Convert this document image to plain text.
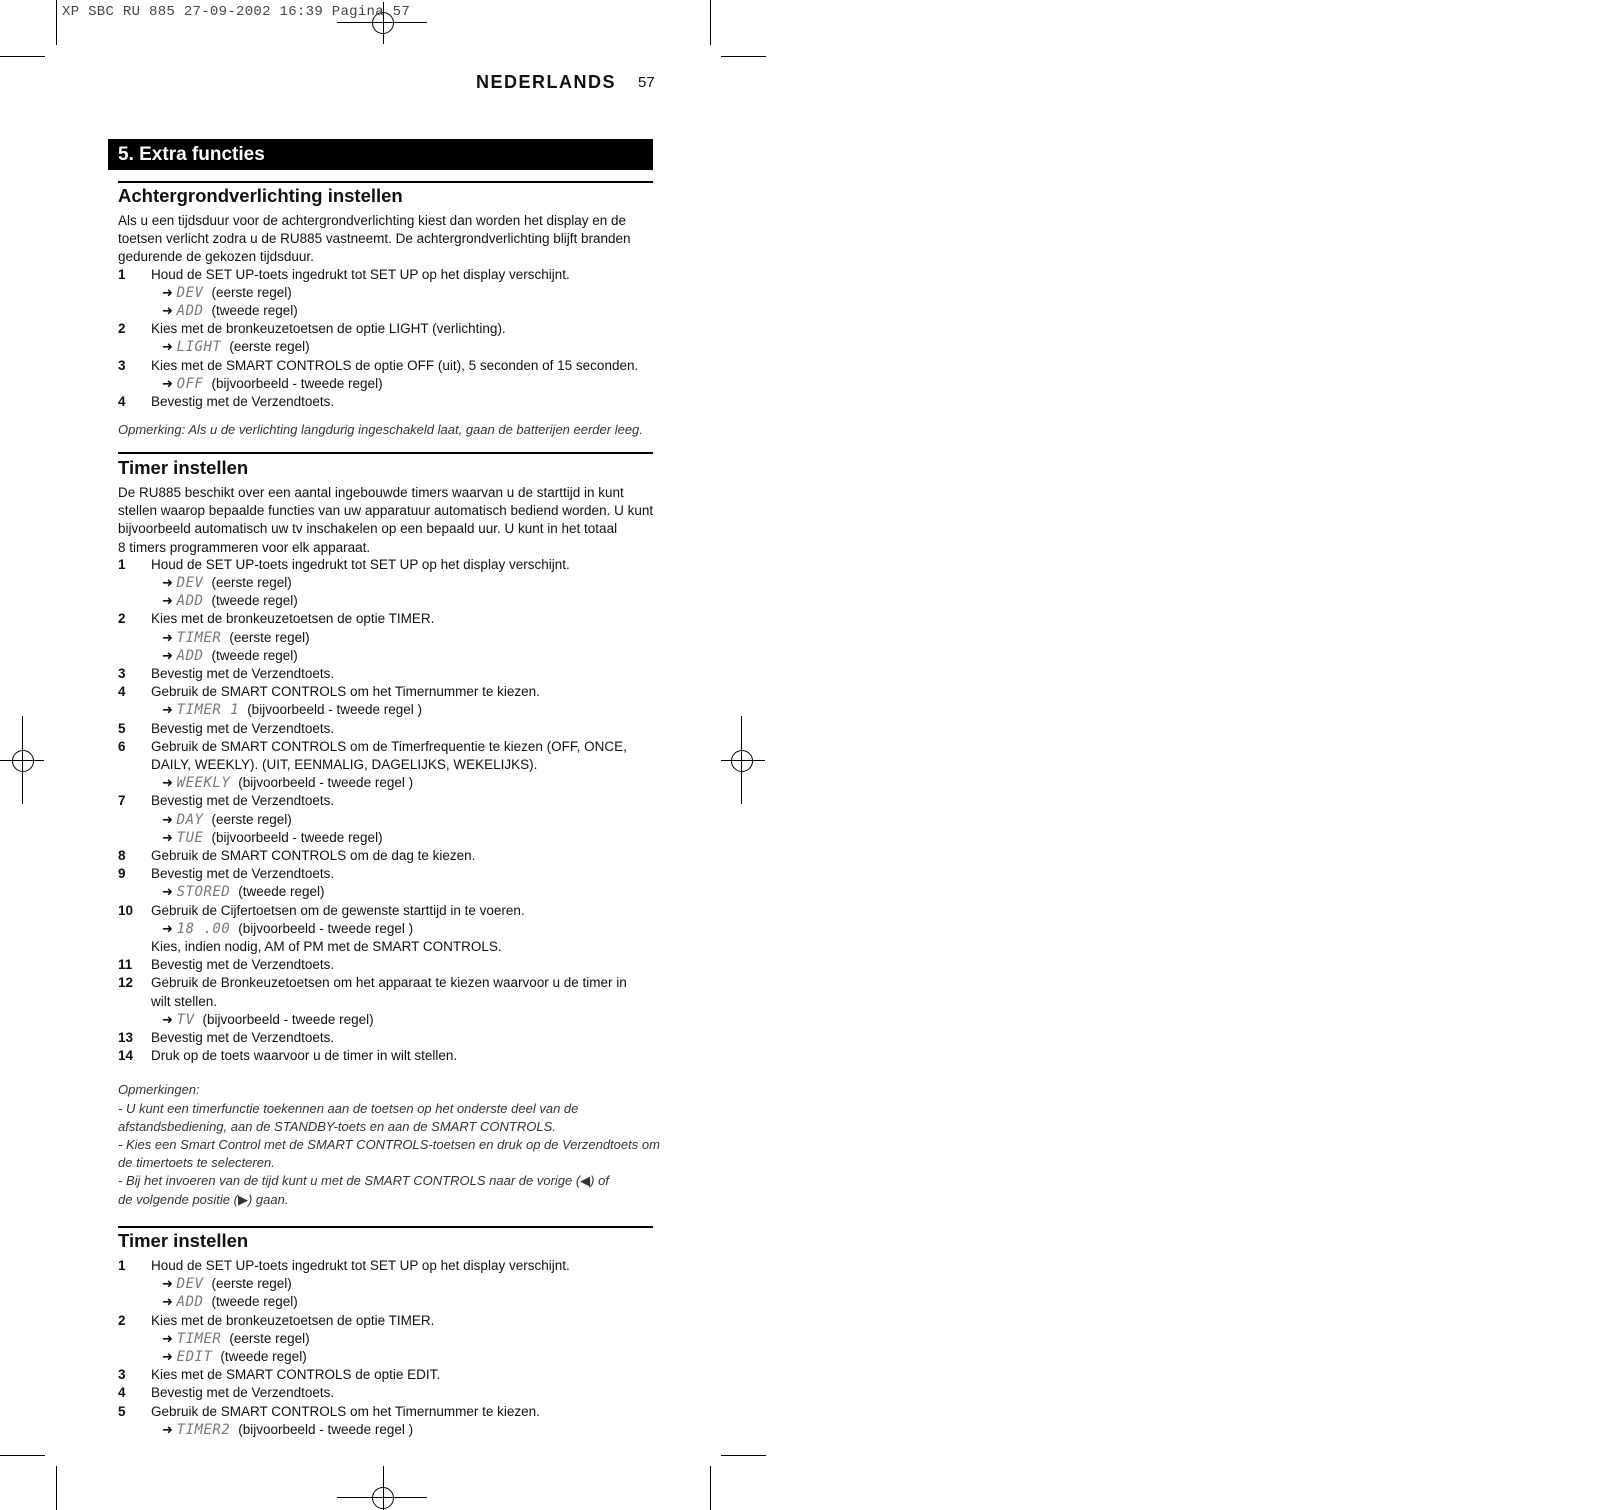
XP SBC RU 885 27-09-2002 16:39 Pagina 57
NEDERLANDS 57
5. Extra functies
Achtergrondverlichting instellen
Als u een tijdsduur voor de achtergrondverlichting kiest dan worden het display en de
toetsen verlicht zodra u de RU885 vastneemt. De achtergrondverlichting blijft branden
gedurende de gekozen tijdsduur.
1 Houd de SET UP-toets ingedrukt tot SET UP op het display verschijnt.
➜ DEV (eerste regel)
➜ ADD (tweede regel)
2 Kies met de bronkeuzetoetsen de optie LIGHT (verlichting).
➜ LIGHT (eerste regel)
3 Kies met de SMART CONTROLS de optie OFF (uit), 5 seconden of 15 seconden.
➜ OFF (bijvoorbeeld - tweede regel)
4 Bevestig met de Verzendtoets.
Opmerking: Als u de verlichting langdurig ingeschakeld laat, gaan de batterijen eerder leeg.
Timer instellen
De RU885 beschikt over een aantal ingebouwde timers waarvan u de starttijd in kunt
stellen waarop bepaalde functies van uw apparatuur automatisch bediend worden. U kunt
bijvoorbeeld automatisch uw tv inschakelen op een bepaald uur. U kunt in het totaal
8 timers programmeren voor elk apparaat.
1 Houd de SET UP-toets ingedrukt tot SET UP op het display verschijnt.
➜ DEV (eerste regel)
➜ ADD (tweede regel)
2 Kies met de bronkeuzetoetsen de optie TIMER.
➜ TIMER (eerste regel)
➜ ADD (tweede regel)
3 Bevestig met de Verzendtoets.
4 Gebruik de SMART CONTROLS om het Timernummer te kiezen.
➜ TIMER 1 (bijvoorbeeld - tweede regel )
5 Bevestig met de Verzendtoets.
6 Gebruik de SMART CONTROLS om de Timerfrequentie te kiezen (OFF, ONCE,
DAILY, WEEKLY). (UIT, EENMALIG, DAGELIJKS, WEKELIJKS).
➜ WEEKLY (bijvoorbeeld - tweede regel )
7 Bevestig met de Verzendtoets.
➜ DAY (eerste regel)
➜ TUE (bijvoorbeeld - tweede regel)
8 Gebruik de SMART CONTROLS om de dag te kiezen.
9 Bevestig met de Verzendtoets.
➜ STORED (tweede regel)
10 Gebruik de Cijfertoetsen om de gewenste starttijd in te voeren.
➜ 18 .00 (bijvoorbeeld - tweede regel )
Kies, indien nodig, AM of PM met de SMART CONTROLS.
11 Bevestig met de Verzendtoets.
12 Gebruik de Bronkeuzetoetsen om het apparaat te kiezen waarvoor u de timer in
wilt stellen.
➜ TV (bijvoorbeeld - tweede regel)
13 Bevestig met de Verzendtoets.
14 Druk op de toets waarvoor u de timer in wilt stellen.
Opmerkingen:
- U kunt een timerfunctie toekennen aan de toetsen op het onderste deel van de
afstandsbediening, aan de STANDBY-toets en aan de SMART CONTROLS.
- Kies een Smart Control met de SMART CONTROLS-toetsen en druk op de Verzendtoets om
de timertoets te selecteren.
- Bij het invoeren van de tijd kunt u met de SMART CONTROLS naar de vorige (◀) of
de volgende positie (▶) gaan.
Timer instellen
1 Houd de SET UP-toets ingedrukt tot SET UP op het display verschijnt.
➜ DEV (eerste regel)
➜ ADD (tweede regel)
2 Kies met de bronkeuzetoetsen de optie TIMER.
➜ TIMER (eerste regel)
➜ EDIT (tweede regel)
3 Kies met de SMART CONTROLS de optie EDIT.
4 Bevestig met de Verzendtoets.
5 Gebruik de SMART CONTROLS om het Timernummer te kiezen.
➜ TIMER2 (bijvoorbeeld - tweede regel )
